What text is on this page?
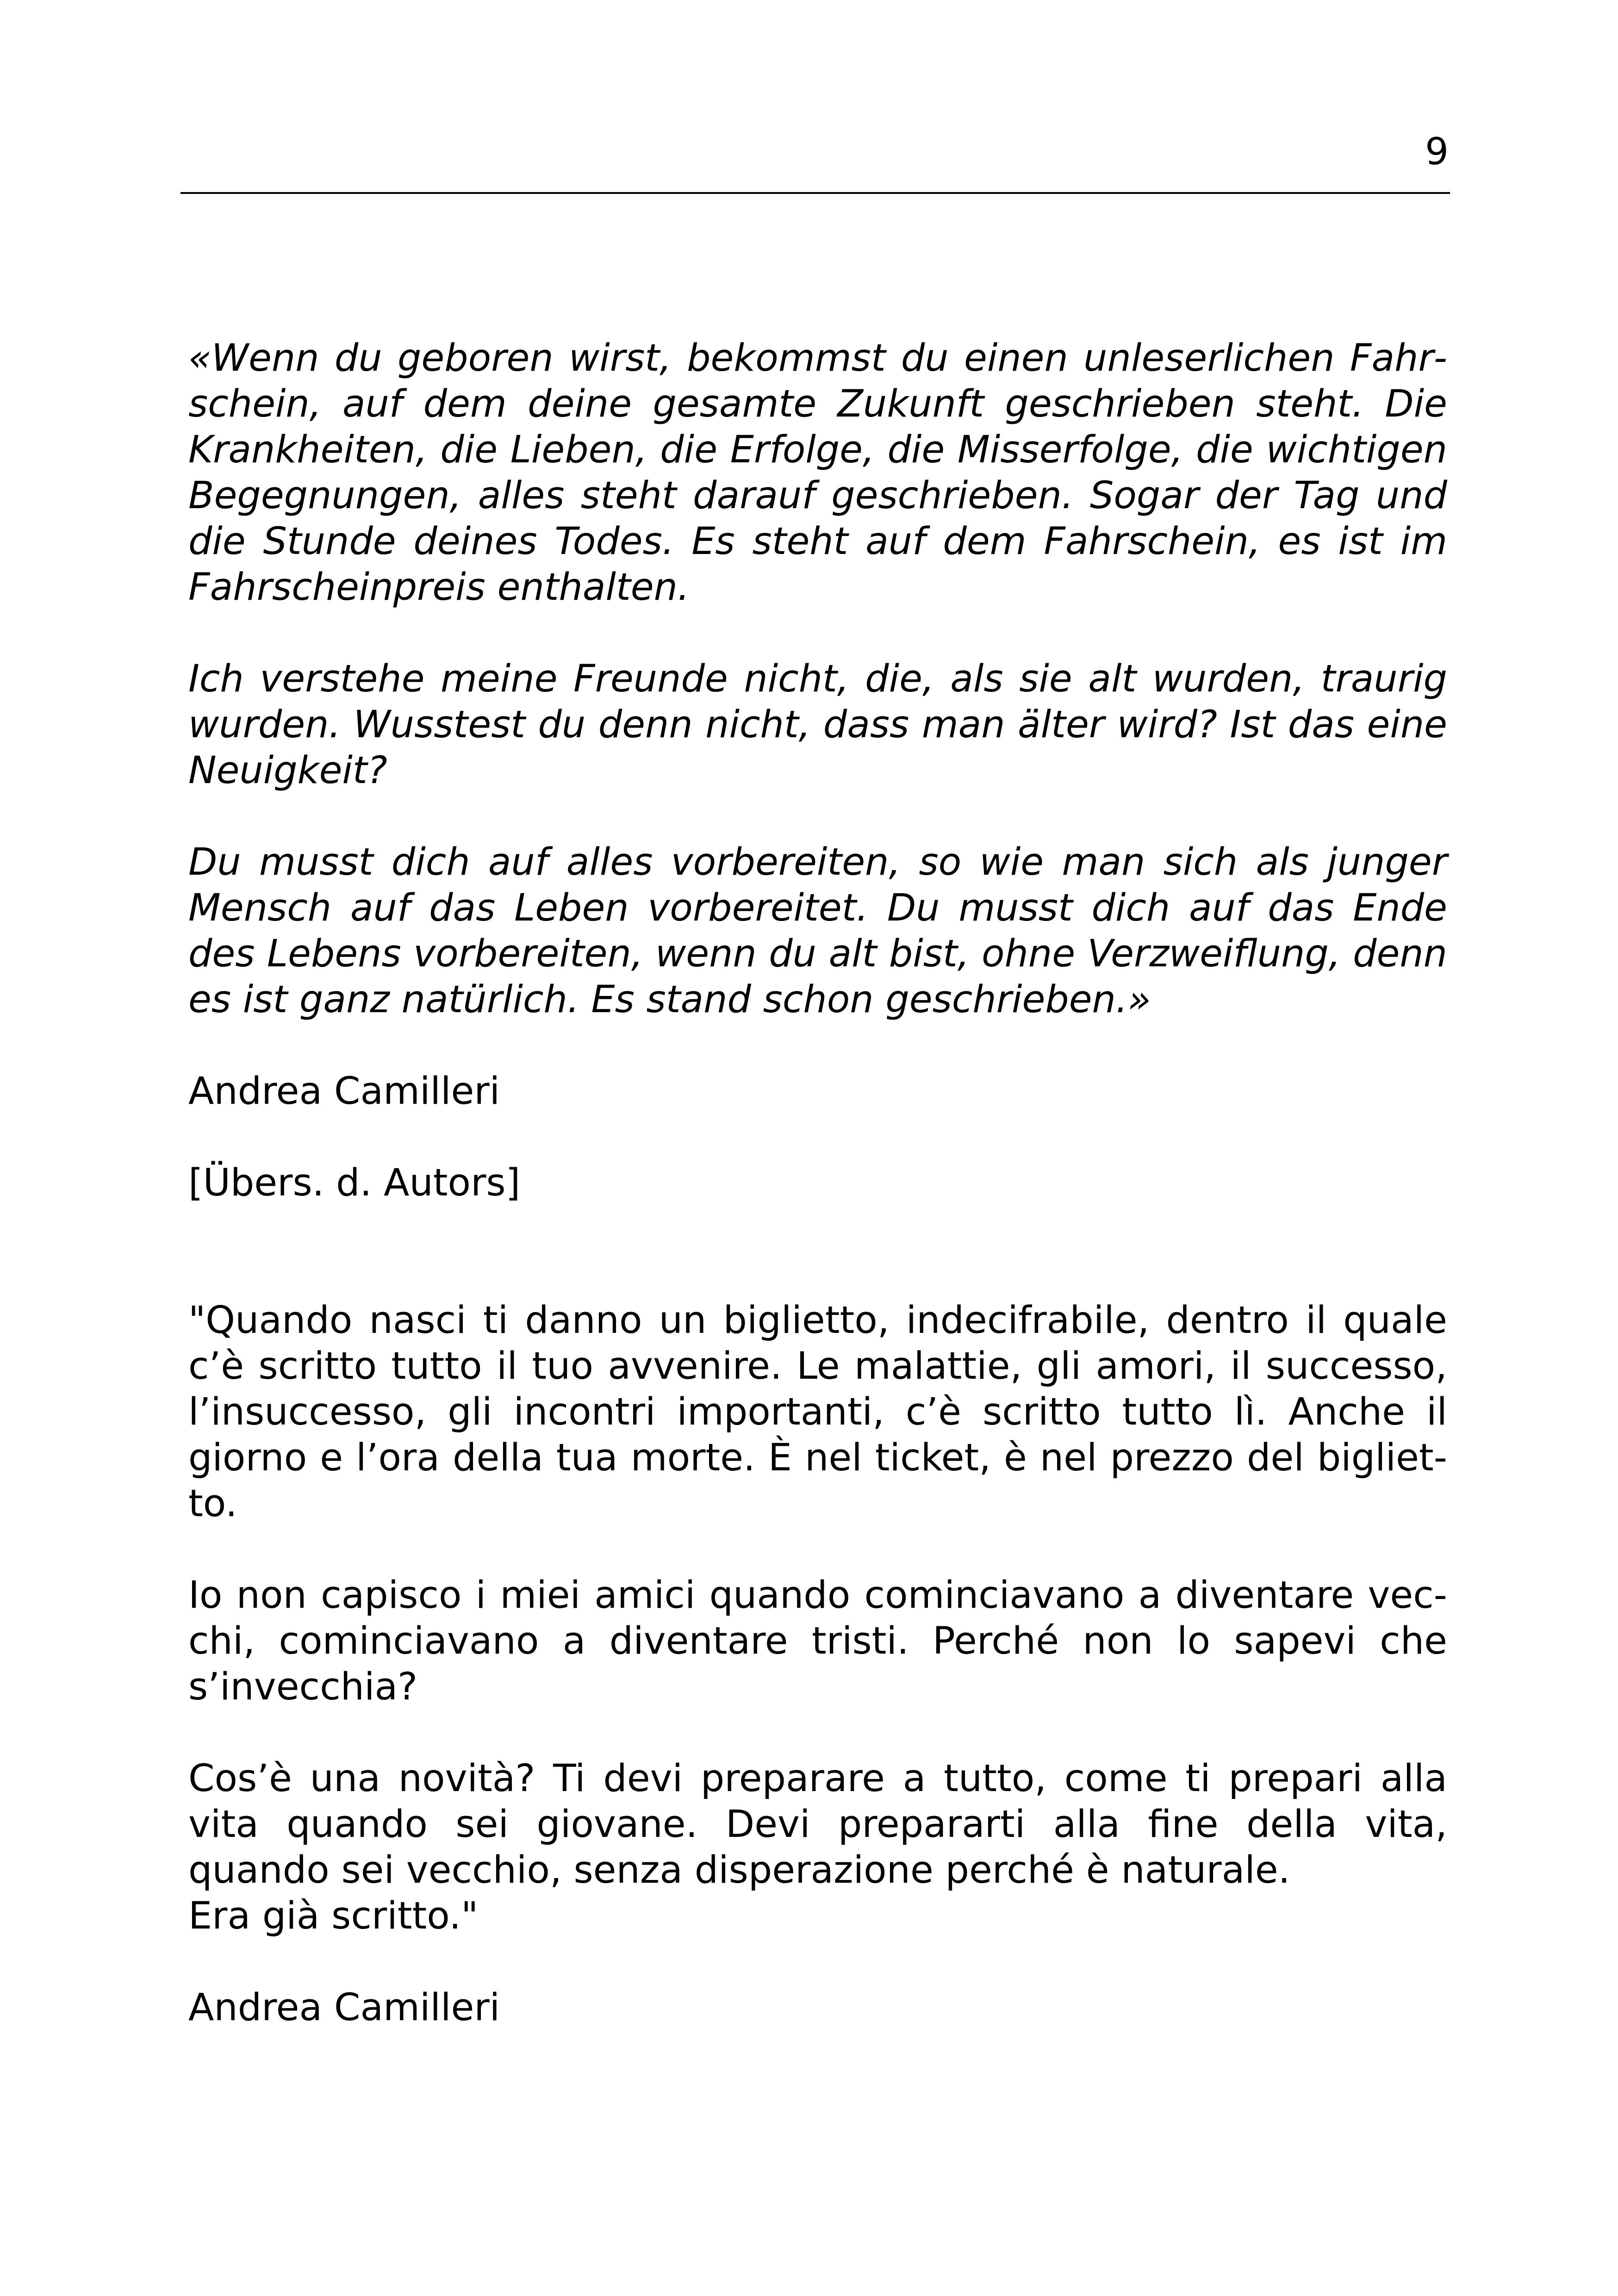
9

«Wenn du geboren wirst, bekommst du einen unleserlichen Fahrschein, auf dem deine gesamte Zukunft geschrieben steht. Die Krankheiten, die Lieben, die Erfolge, die Misserfolge, die wichtigen Begegnungen, alles steht darauf geschrieben. Sogar der Tag und die Stunde deines Todes. Es steht auf dem Fahrschein, es ist im Fahrscheinpreis enthalten.

Ich verstehe meine Freunde nicht, die, als sie alt wurden, traurig wurden. Wusstest du denn nicht, dass man älter wird? Ist das eine Neuigkeit?

Du musst dich auf alles vorbereiten, so wie man sich als junger Mensch auf das Leben vorbereitet. Du musst dich auf das Ende des Lebens vorbereiten, wenn du alt bist, ohne Verzweiflung, denn es ist ganz natürlich. Es stand schon geschrieben.»

Andrea Camilleri

[Übers. d. Autors]

"Quando nasci ti danno un biglietto, indecifrabile, dentro il quale c’è scritto tutto il tuo avvenire. Le malattie, gli amori, il successo, l’insuccesso, gli incontri importanti, c’è scritto tutto lì. Anche il giorno e l’ora della tua morte. È nel ticket, è nel prezzo del biglietto.

Io non capisco i miei amici quando cominciavano a diventare vecchi, cominciavano a diventare tristi. Perché non lo sapevi che s’invecchia?

Cos’è una novità? Ti devi preparare a tutto, come ti prepari alla vita quando sei giovane. Devi prepararti alla fine della vita, quando sei vecchio, senza disperazione perché è naturale.

Era già scritto."

Andrea Camilleri
